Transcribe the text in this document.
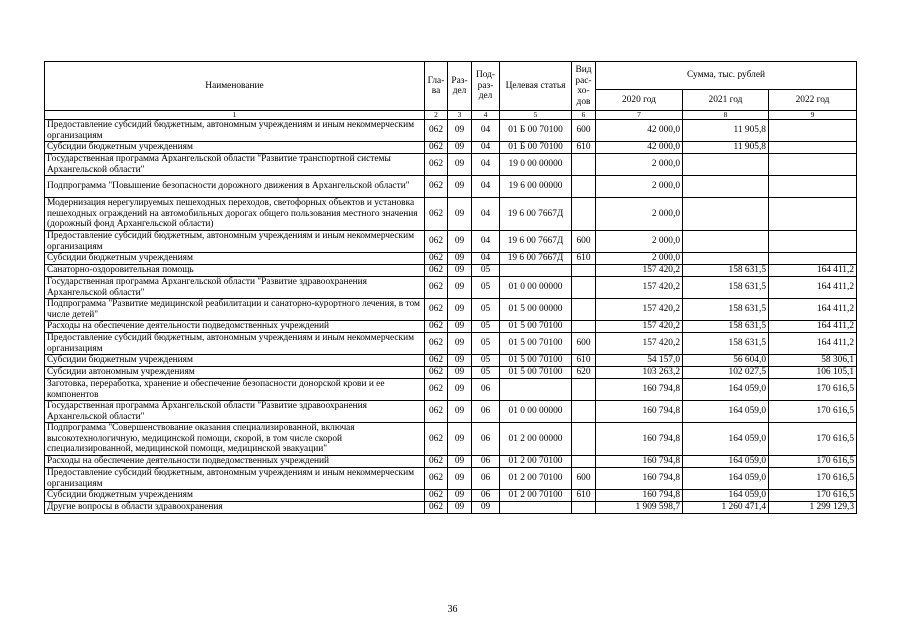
Наименование	Гла-ва	Раз-дел	Под-раз-дел	Целевая статья	Вид рас-хо-дов	Сумма, тыс. рублей		
						2020 год	2021 год	2022 год
1	2	3	4	5	6	7	8	9
Предоставление субсидий бюджетным, автономным учреждениям и иным некоммерческим организациям	062	09	04	01 Б 00 70100	600	42 000,0	11 905,8	
Субсидии бюджетным учреждениям	062	09	04	01 Б 00 70100	610	42 000,0	11 905,8	
Государственная программа Архангельской области "Развитие транспортной системы Архангельской области"	062	09	04	19 0 00 00000		2 000,0		
Подпрограмма "Повышение безопасности дорожного движения в Архангельской области"	062	09	04	19 6 00 00000		2 000,0		
Модернизация нерегулируемых пешеходных переходов, светофорных объектов и установка пешеходных ограждений на автомобильных дорогах общего пользования местного значения (дорожный фонд Архангельской области)	062	09	04	19 6 00 7667Д		2 000,0		
Предоставление субсидий бюджетным, автономным учреждениям и иным некоммерческим организациям	062	09	04	19 6 00 7667Д	600	2 000,0		
Субсидии бюджетным учреждениям	062	09	04	19 6 00 7667Д	610	2 000,0		
Санаторно-оздоровительная помощь	062	09	05			157 420,2	158 631,5	164 411,2
Государственная программа Архангельской области "Развитие здравоохранения Архангельской области"	062	09	05	01 0 00 00000		157 420,2	158 631,5	164 411,2
Подпрограмма "Развитие медицинской реабилитации и санаторно-курортного лечения, в том числе детей"	062	09	05	01 5 00 00000		157 420,2	158 631,5	164 411,2
Расходы на обеспечение деятельности подведомственных учреждений	062	09	05	01 5 00 70100		157 420,2	158 631,5	164 411,2
Предоставление субсидий бюджетным, автономным учреждениям и иным некоммерческим организациям	062	09	05	01 5 00 70100	600	157 420,2	158 631,5	164 411,2
Субсидии бюджетным учреждениям	062	09	05	01 5 00 70100	610	54 157,0	56 604,0	58 306,1
Субсидии автономным учреждениям	062	09	05	01 5 00 70100	620	103 263,2	102 027,5	106 105,1
Заготовка, переработка, хранение и обеспечение безопасности донорской крови и ее компонентов	062	09	06			160 794,8	164 059,0	170 616,5
Государственная программа Архангельской области "Развитие здравоохранения Архангельской области"	062	09	06	01 0 00 00000		160 794,8	164 059,0	170 616,5
Подпрограмма "Совершенствование оказания специализированной, включая высокотехнологичную, медицинской помощи, скорой, в том числе скорой специализированной, медицинской помощи, медицинской эвакуации"	062	09	06	01 2 00 00000		160 794,8	164 059,0	170 616,5
Расходы на обеспечение деятельности подведомственных учреждений	062	09	06	01 2 00 70100		160 794,8	164 059,0	170 616,5
Предоставление субсидий бюджетным, автономным учреждениям и иным некоммерческим организациям	062	09	06	01 2 00 70100	600	160 794,8	164 059,0	170 616,5
Субсидии бюджетным учреждениям	062	09	06	01 2 00 70100	610	160 794,8	164 059,0	170 616,5
Другие вопросы в области здравоохранения	062	09	09			1 909 598,7	1 260 471,4	1 299 129,3
36
